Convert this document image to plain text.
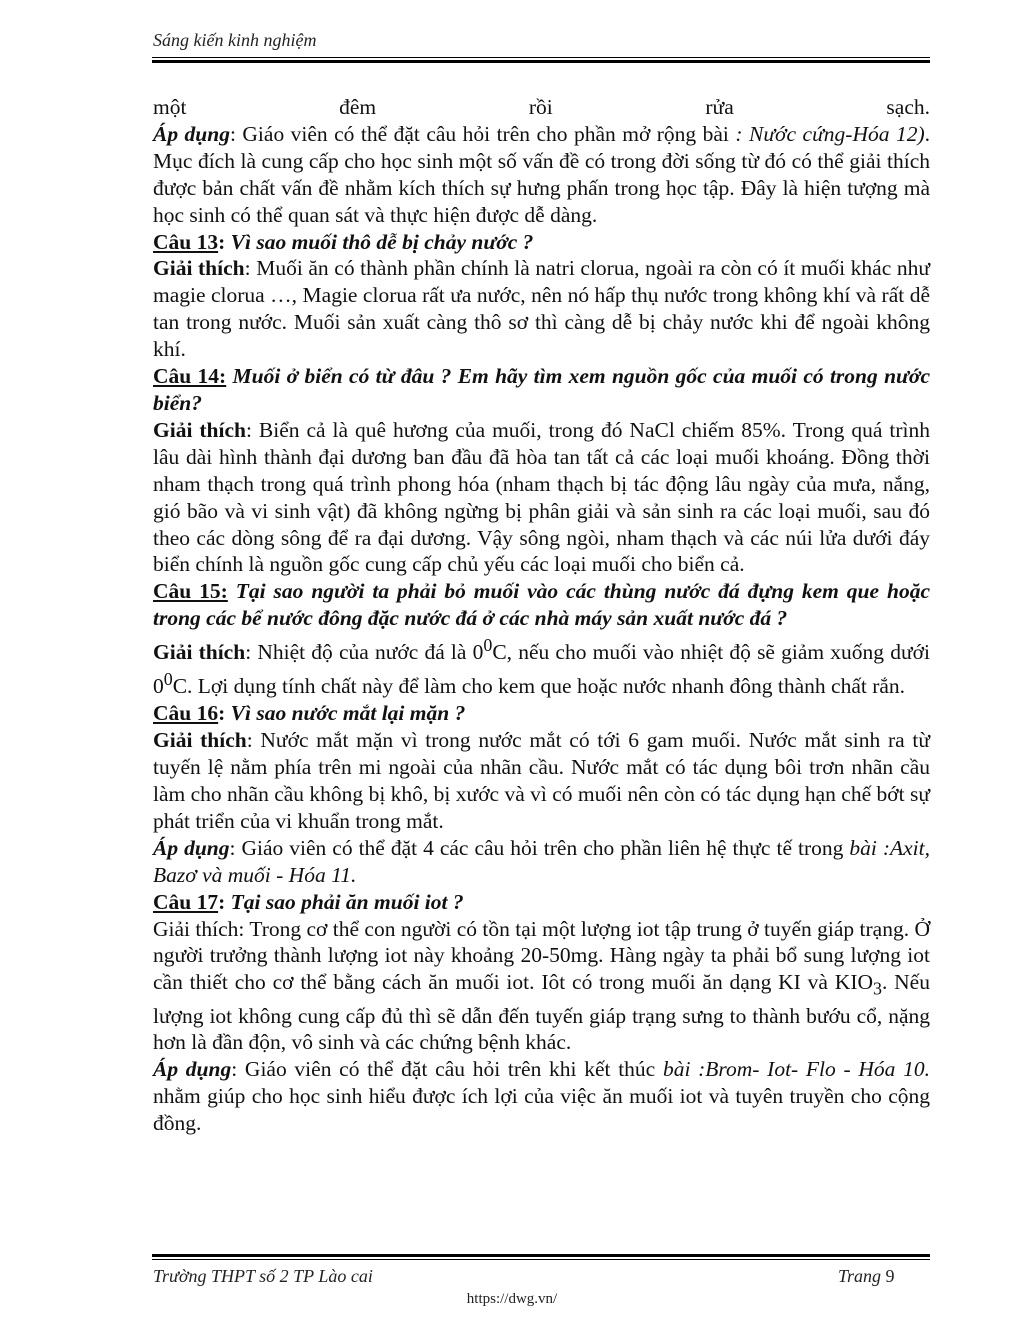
Sáng kiến kinh nghiệm

một đêm rồi rửa sạch.

Áp dụng: Giáo viên có thể đặt câu hỏi trên cho phần mở rộng bài : Nước cứng-Hóa 12). Mục đích là cung cấp cho học sinh một số vấn đề có trong đời sống từ đó có thể giải thích được bản chất vấn đề nhằm kích thích sự hưng phấn trong học tập. Đây là hiện tượng mà học sinh có thể quan sát và thực hiện được dễ dàng.

Câu 13: Vì sao muối thô dễ bị chảy nước ?

Giải thích: Muối ăn có thành phần chính là natri clorua, ngoài ra còn có ít muối khác như magie clorua …, Magie clorua rất ưa nước, nên nó hấp thụ nước trong không khí và rất dễ tan trong nước. Muối sản xuất càng thô sơ thì càng dễ bị chảy nước khi để ngoài không khí.

Câu 14: Muối ở biển có từ đâu ? Em hãy tìm xem nguồn gốc của muối có trong nước biển?

Giải thích: Biển cả là quê hương của muối, trong đó NaCl chiếm 85%. Trong quá trình lâu dài hình thành đại dương ban đầu đã hòa tan tất cả các loại muối khoáng. Đồng thời nham thạch trong quá trình phong hóa (nham thạch bị tác động lâu ngày của mưa, nắng, gió bão và vi sinh vật) đã không ngừng bị phân giải và sản sinh ra các loại muối, sau đó theo các dòng sông để ra đại dương. Vậy sông ngòi, nham thạch và các núi lửa dưới đáy biển chính là nguồn gốc cung cấp chủ yếu các loại muối cho biển cả.

Câu 15: Tại sao người ta phải bỏ muối vào các thùng nước đá đựng kem que hoặc trong các bể nước đông đặc nước đá ở các nhà máy sản xuất nước đá ?

Giải thích: Nhiệt độ của nước đá là $0^0C$, nếu cho muối vào nhiệt độ sẽ giảm xuống dưới $0^0C$. Lợi dụng tính chất này để làm cho kem que hoặc nước nhanh đông thành chất rắn.

Câu 16: Vì sao nước mắt lại mặn ?

Giải thích: Nước mắt mặn vì trong nước mắt có tới 6 gam muối. Nước mắt sinh ra từ tuyến lệ nằm phía trên mi ngoài của nhãn cầu. Nước mắt có tác dụng bôi trơn nhãn cầu làm cho nhãn cầu không bị khô, bị xước và vì có muối nên còn có tác dụng hạn chế bớt sự phát triển của vi khuẩn trong mắt.

Áp dụng: Giáo viên có thể đặt 4 các câu hỏi trên cho phần liên hệ thực tế trong bài :Axit, Bazơ và muối - Hóa 11.

Câu 17: Tại sao phải ăn muối iot ?

Giải thích: Trong cơ thể con người có tồn tại một lượng iot tập trung ở tuyến giáp trạng. Ở người trưởng thành lượng iot này khoảng 20-50mg. Hàng ngày ta phải bổ sung lượng iot cần thiết cho cơ thể bằng cách ăn muối iot. Iôt có trong muối ăn dạng KI và $KIO_3$. Nếu lượng iot không cung cấp đủ thì sẽ dẫn đến tuyến giáp trạng sưng to thành bướu cổ, nặng hơn là đần độn, vô sinh và các chứng bệnh khác.

Áp dụng: Giáo viên có thể đặt câu hỏi trên khi kết thúc bài :Brom- Iot- Flo - Hóa 10. nhằm giúp cho học sinh hiểu được ích lợi của việc ăn muối iot và tuyên truyền cho cộng đồng.

Trường THPT số 2 TP Lào cai	Trang 9
https://dwg.vn/
